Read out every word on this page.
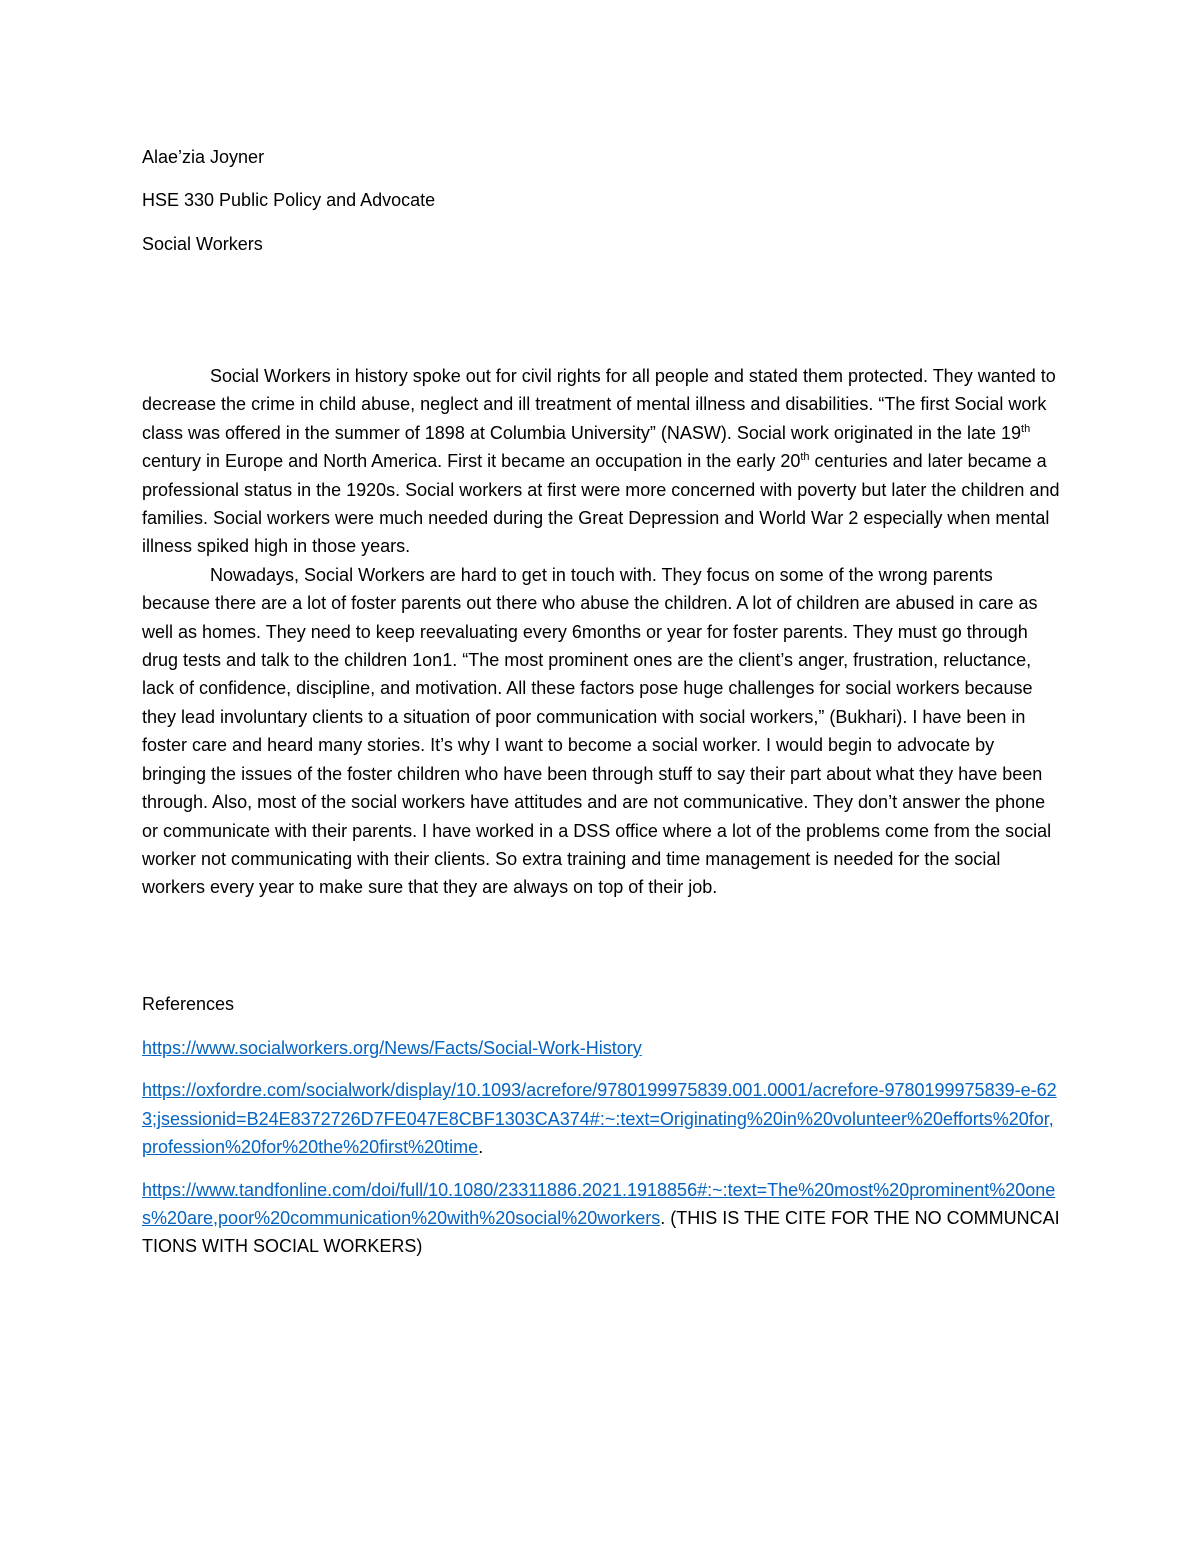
Alae’zia Joyner

HSE 330 Public Policy and Advocate

Social Workers

Social Workers in history spoke out for civil rights for all people and stated them protected. They wanted to decrease the crime in child abuse, neglect and ill treatment of mental illness and disabilities. “The first Social work class was offered in the summer of 1898 at Columbia University” (NASW). Social work originated in the late 19th century in Europe and North America. First it became an occupation in the early 20th centuries and later became a professional status in the 1920s. Social workers at first were more concerned with poverty but later the children and families. Social workers were much needed during the Great Depression and World War 2 especially when mental illness spiked high in those years.

Nowadays, Social Workers are hard to get in touch with. They focus on some of the wrong parents because there are a lot of foster parents out there who abuse the children. A lot of children are abused in care as well as homes. They need to keep reevaluating every 6months or year for foster parents. They must go through drug tests and talk to the children 1on1. “The most prominent ones are the client’s anger, frustration, reluctance, lack of confidence, discipline, and motivation. All these factors pose huge challenges for social workers because they lead involuntary clients to a situation of poor communication with social workers,” (Bukhari). I have been in foster care and heard many stories. It’s why I want to become a social worker. I would begin to advocate by bringing the issues of the foster children who have been through stuff to say their part about what they have been through. Also, most of the social workers have attitudes and are not communicative. They don’t answer the phone or communicate with their parents. I have worked in a DSS office where a lot of the problems come from the social worker not communicating with their clients. So extra training and time management is needed for the social workers every year to make sure that they are always on top of their job.

References

https://www.socialworkers.org/News/Facts/Social-Work-History

https://oxfordre.com/socialwork/display/10.1093/acrefore/9780199975839.001.0001/acrefore-9780199975839-e-623;jsessionid=B24E8372726D7FE047E8CBF1303CA374#:~:text=Originating%20in%20volunteer%20efforts%20for,profession%20for%20the%20first%20time.

https://www.tandfonline.com/doi/full/10.1080/23311886.2021.1918856#:~:text=The%20most%20prominent%20ones%20are,poor%20communication%20with%20social%20workers. (THIS IS THE CITE FOR THE NO COMMUNCAITIONS WITH SOCIAL WORKERS)
